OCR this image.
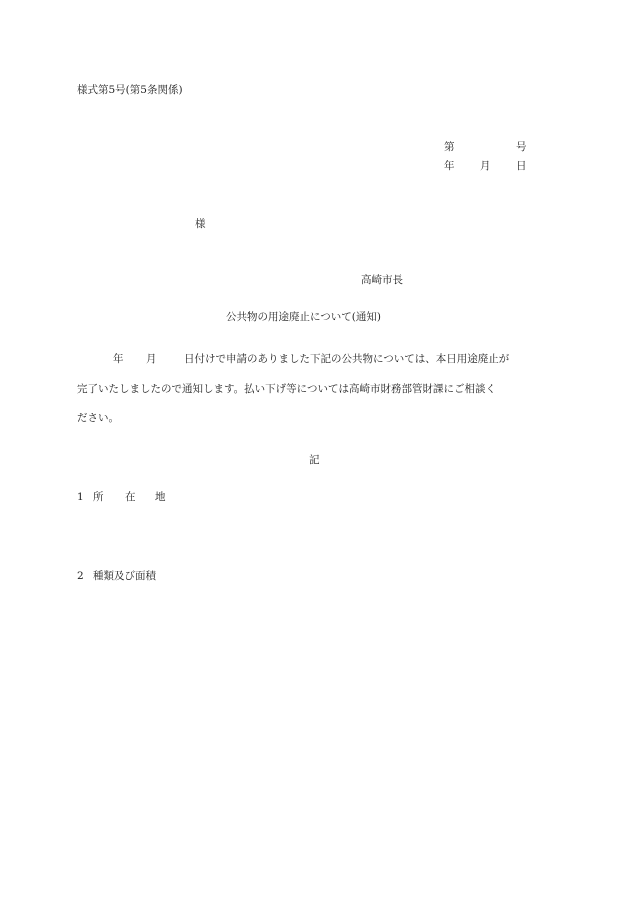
様式第5号(第5条関係)
第	号
年	月	日
様
高崎市長
公共物の用途廃止について(通知)
年	月	日付けで申請のありました下記の公共物については、本日用途廃止が
完了いたしましたので通知します。払い下げ等については高崎市財務部管財課にご相談く
ださい。
記
1 所	在	地
2 種類及び面積
